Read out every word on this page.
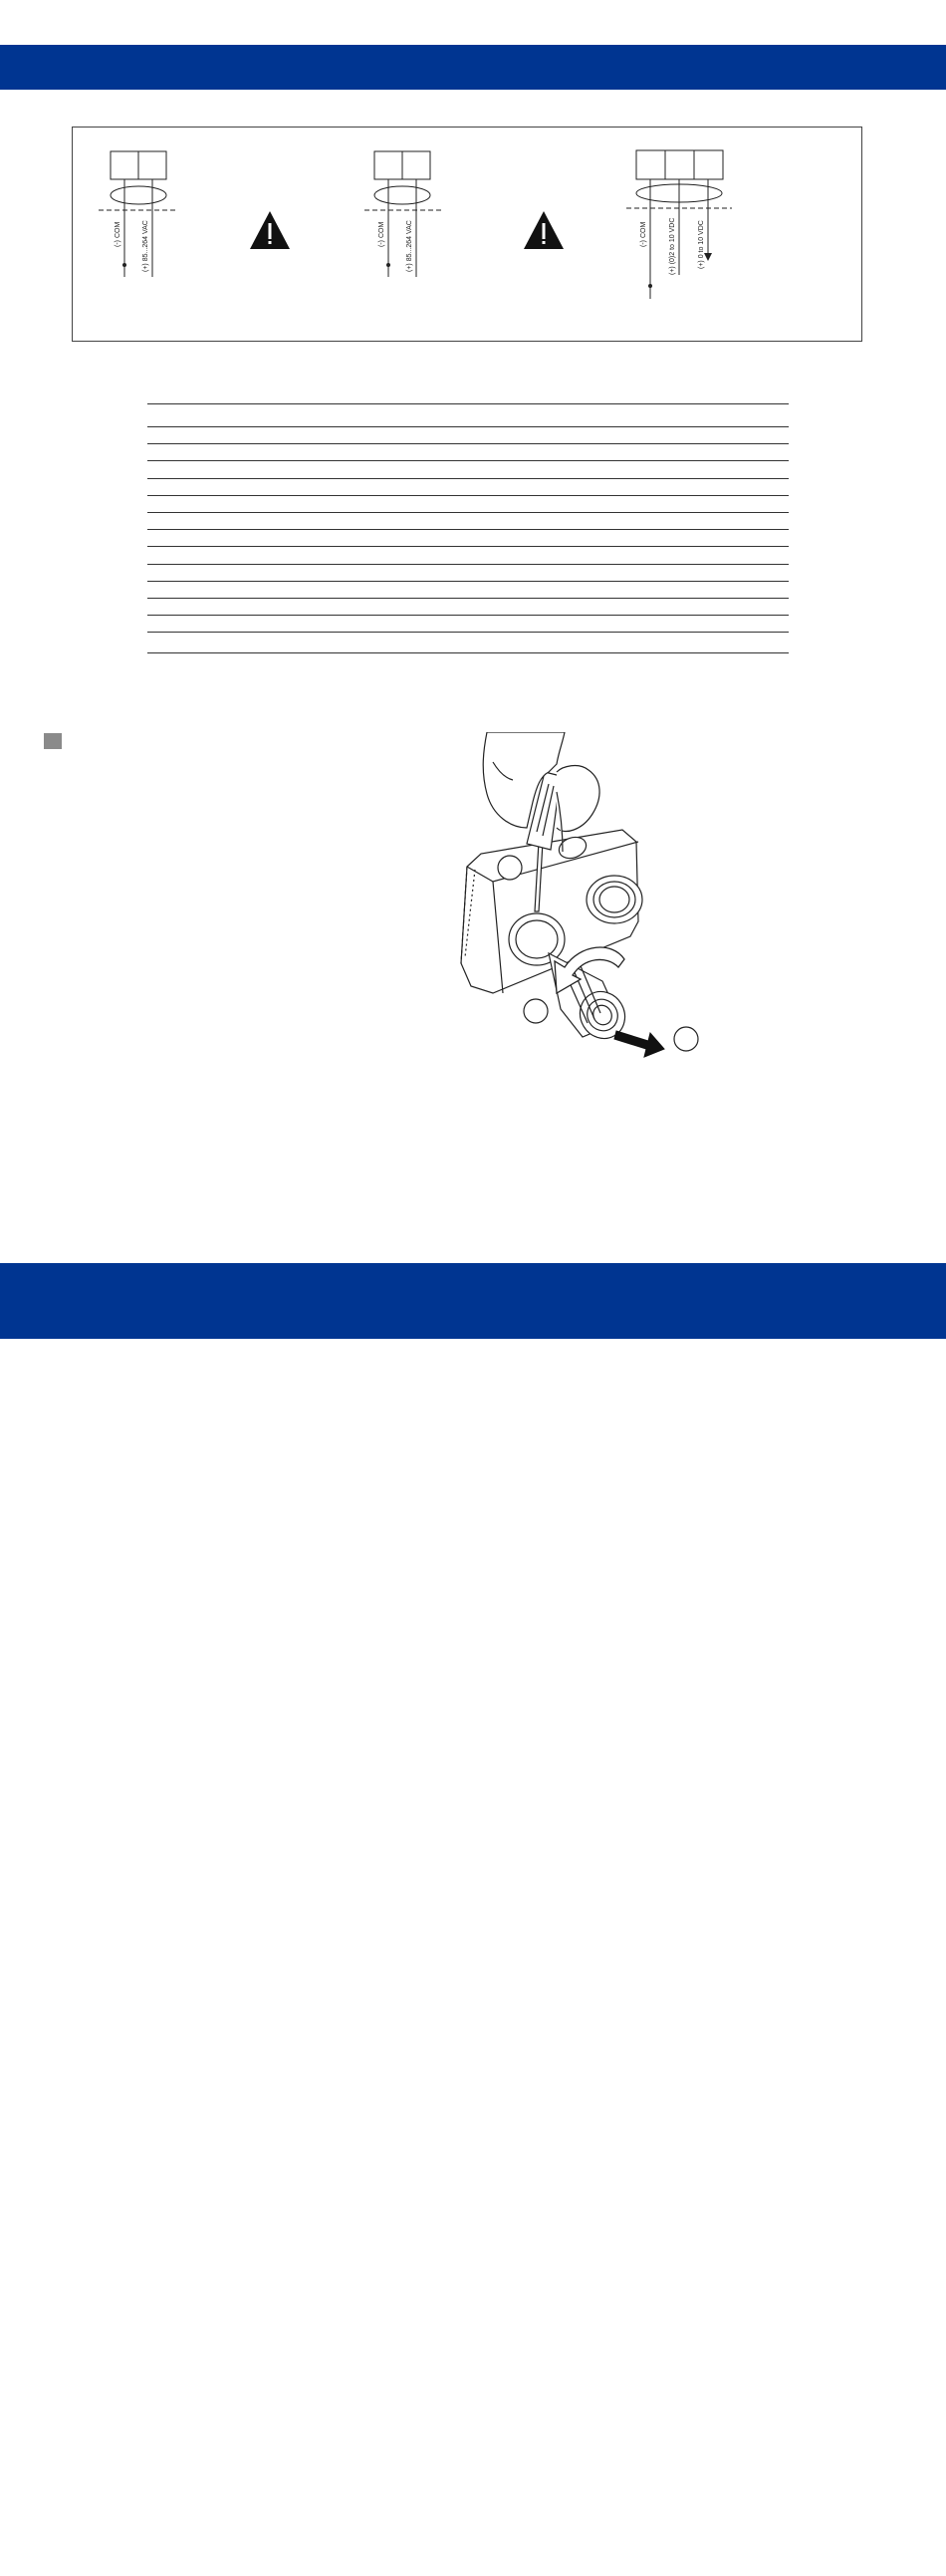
(-) COM	(+) 85...264 VAC	(-) COM	(+) 85...264 VAC	(-) COM	(+) (0)2 to 10 VDC	(+) 0 to 10 VDC
Johnson
Controls
